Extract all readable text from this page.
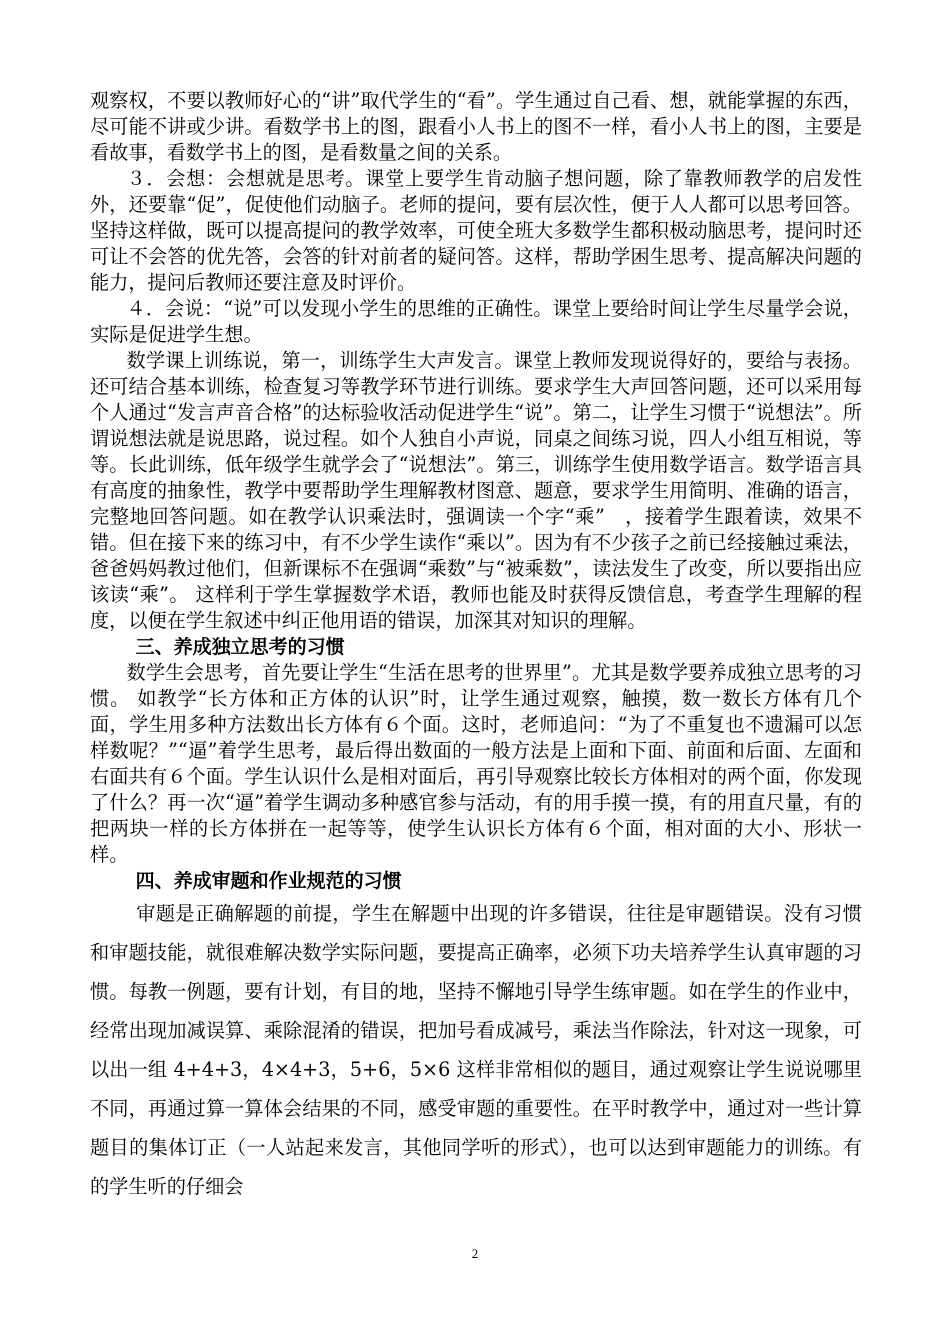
观察权，不要以教师好心的“讲”取代学生的“看”。学生通过自己看、想，就能掌握的东西，尽可能不讲或少讲。看数学书上的图，跟看小人书上的图不一样，看小人书上的图，主要是看故事，看数学书上的图，是看数量之间的关系。

３．会想：会想就是思考。课堂上要学生肯动脑子想问题，除了靠教师教学的启发性外，还要靠“促”，促使他们动脑子。老师的提问，要有层次性，便于人人都可以思考回答。坚持这样做，既可以提高提问的教学效率，可使全班大多数学生都积极动脑思考，提问时还可让不会答的优先答，会答的针对前者的疑问答。这样，帮助学困生思考、提高解决问题的能力，提问后教师还要注意及时评价。

４．会说：“说”可以发现小学生的思维的正确性。课堂上要给时间让学生尽量学会说，实际是促进学生想。

数学课上训练说，第一，训练学生大声发言。课堂上教师发现说得好的，要给与表扬。还可结合基本训练，检查复习等教学环节进行训练。要求学生大声回答问题，还可以采用每个人通过“发言声音合格”的达标验收活动促进学生“说”。第二，让学生习惯于“说想法”。所谓说想法就是说思路，说过程。如个人独自小声说，同桌之间练习说，四人小组互相说，等等。长此训练，低年级学生就学会了“说想法”。第三，训练学生使用数学语言。数学语言具有高度的抽象性，教学中要帮助学生理解教材图意、题意，要求学生用简明、准确的语言，完整地回答问题。如在教学认识乘法时，强调读一个字“乘”　，接着学生跟着读，效果不错。但在接下来的练习中，有不少学生读作“乘以”。因为有不少孩子之前已经接触过乘法，爸爸妈妈教过他们，但新课标不在强调“乘数”与“被乘数”，读法发生了改变，所以要指出应该读“乘”。 这样利于学生掌握数学术语，教师也能及时获得反馈信息，考查学生理解的程度，以便在学生叙述中纠正他用语的错误，加深其对知识的理解。

三、养成独立思考的习惯

数学生会思考，首先要让学生“生活在思考的世界里”。尤其是数学要养成独立思考的习惯。 如教学“长方体和正方体的认识”时，让学生通过观察，触摸，数一数长方体有几个面，学生用多种方法数出长方体有６个面。这时，老师追问：“为了不重复也不遗漏可以怎样数呢？”“逼”着学生思考，最后得出数面的一般方法是上面和下面、前面和后面、左面和右面共有６个面。学生认识什么是相对面后，再引导观察比较长方体相对的两个面，你发现了什么？再一次“逼”着学生调动多种感官参与活动，有的用手摸一摸，有的用直尺量，有的把两块一样的长方体拼在一起等等，使学生认识长方体有６个面，相对面的大小、形状一样。

四、养成审题和作业规范的习惯

审题是正确解题的前提，学生在解题中出现的许多错误，往往是审题错误。没有习惯和审题技能，就很难解决数学实际问题，要提高正确率，必须下功夫培养学生认真审题的习惯。每教一例题，要有计划，有目的地，坚持不懈地引导学生练审题。如在学生的作业中，经常出现加减误算、乘除混淆的错误，把加号看成减号，乘法当作除法，针对这一现象，可以出一组 4+4+3，4×4+3，5+6，5×6 这样非常相似的题目，通过观察让学生说说哪里不同，再通过算一算体会结果的不同，感受审题的重要性。在平时教学中，通过对一些计算题目的集体订正（一人站起来发言，其他同学听的形式），也可以达到审题能力的训练。有的学生听的仔细会

2
